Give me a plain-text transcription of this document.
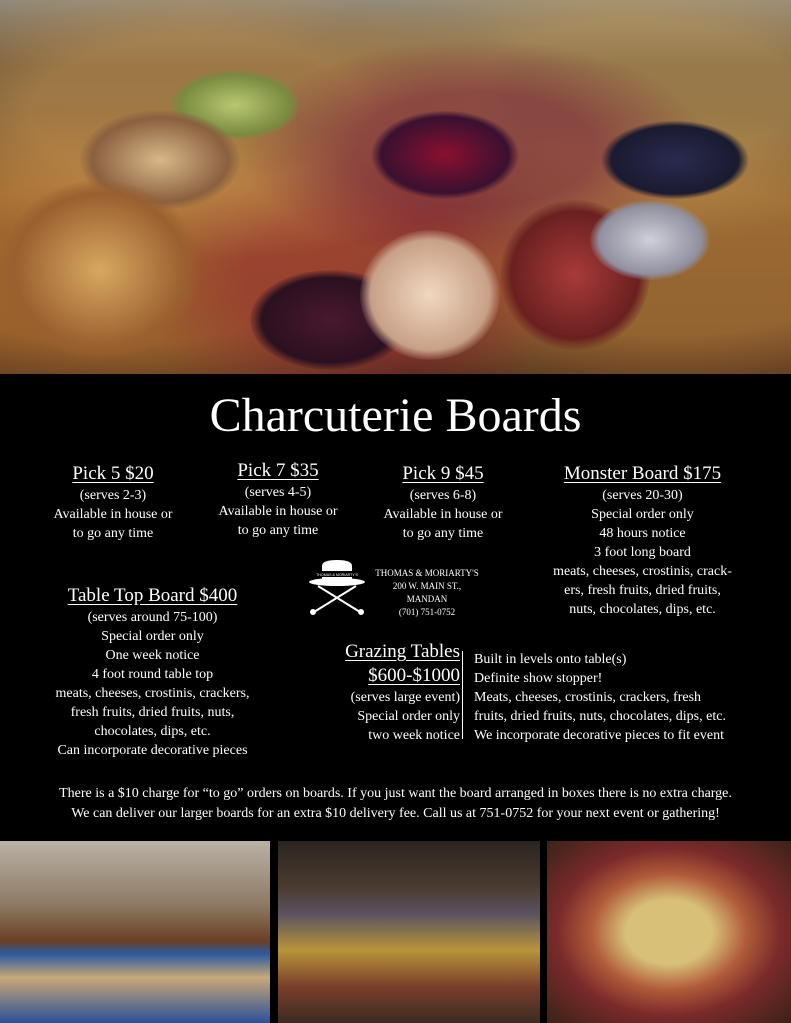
Charcuterie Boards
Pick 5 $20
(serves 2-3)
Available in house or
to go any time
Pick 7 $35
(serves 4-5)
Available in house or
to go any time
Pick 9 $45
(serves 6-8)
Available in house or
to go any time
Monster Board $175
(serves 20-30)
Special order only
48 hours notice
3 foot long board
meats, cheeses, crostinis, crack-
ers, fresh fruits, dried fruits,
nuts, chocolates, dips, etc.
Table Top Board $400
(serves around 75-100)
Special order only
One week notice
4 foot round table top
meats, cheeses, crostinis, crackers,
fresh fruits, dried fruits, nuts,
chocolates, dips, etc.
Can incorporate decorative pieces
THOMAS & MORIARTY'S	THOMAS & MORIARTY'S
200 W. MAIN ST., MANDAN
(701) 751-0752
Grazing Tables
$600-$1000
(serves large event)
Special order only
two week notice
Built in levels onto table(s)
Definite show stopper!
Meats, cheeses, crostinis, crackers, fresh
fruits, dried fruits, nuts, chocolates, dips, etc.
We incorporate decorative pieces to fit event
There is a $10 charge for “to go” orders on boards. If you just want the board arranged in boxes there is no extra charge.
We can deliver our larger boards for an extra $10 delivery fee. Call us at 751-0752 for your next event or gathering!
